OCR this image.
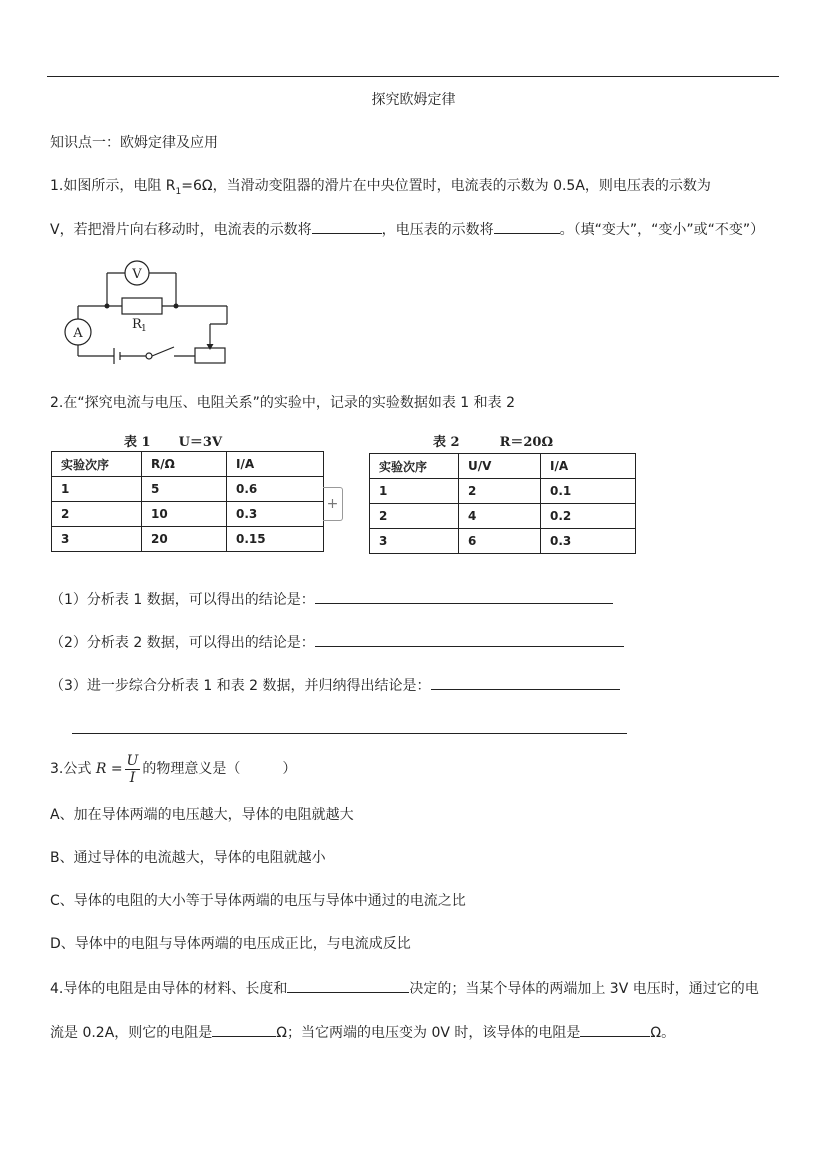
探究欧姆定律
知识点一：欧姆定律及应用
1.如图所示，电阻 $R_1=6\Omega$，当滑动变阻器的滑片在中央位置时，电流表的示数为 0.5A，则电压表的示数为
V，若把滑片向右移动时，电流表的示数将	，电压表的示数将	。（填“变大”，“变小”或“不变”）
V
A
R 1
2.在“探究电流与电压、电阻关系”的实验中，记录的实验数据如表 1 和表 2
表 1 U＝3V
实验次序	R/Ω	I/A
1	5	0.6
2	10	0.3
3	20	0.15
+
表 2	R＝20Ω
实验次序	U/V	I/A
1	2	0.1
2	4	0.2
3	6	0.3
（1）分析表 1 数据，可以得出的结论是：
（2）分析表 2 数据，可以得出的结论是：
（3）进一步综合分析表 1 和表 2 数据，并归纳得出结论是：
3.公式 $R = \frac{U}{I}$ 的物理意义是（　　　）
A、加在导体两端的电压越大，导体的电阻就越大
B、通过导体的电流越大，导体的电阻就越小
C、导体的电阻的大小等于导体两端的电压与导体中通过的电流之比
D、导体中的电阻与导体两端的电压成正比，与电流成反比
4.导体的电阻是由导体的材料、长度和	决定的；当某个导体的两端加上 3V 电压时，通过它的电
流是 0.2A，则它的电阻是	Ω；当它两端的电压变为 0V 时，该导体的电阻是	Ω。
